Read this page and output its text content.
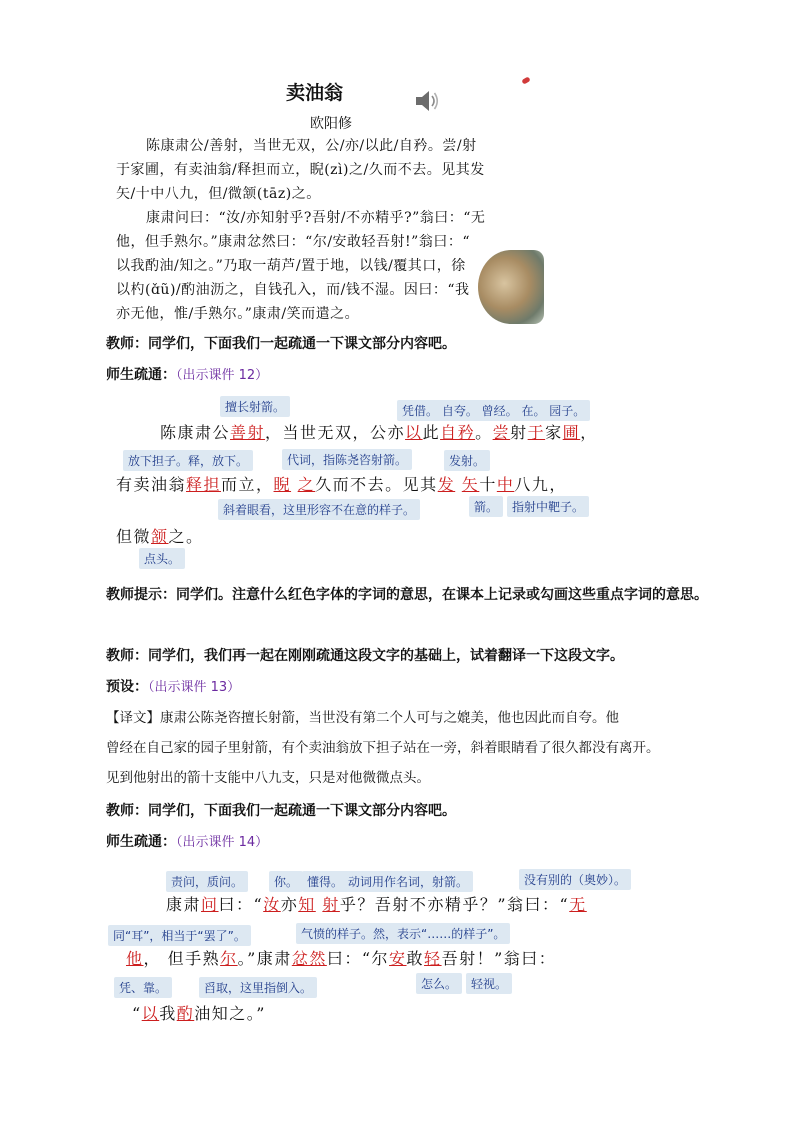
卖油翁
欧阳修
陈康肃公/善射，当世无双，公/亦/以此/自矜。尝/射
于家圃，有卖油翁/释担而立，睨(zì)之/久而不去。见其发
矢/十中八九，但/微颔(tāz)之。
康肃问曰：“汝/亦知射乎?吾射/不亦精乎?”翁曰：“无
他，但手熟尔。”康肃忿然曰：“尔/安敢轻吾射!”翁曰：“
以我酌油/知之。”乃取一葫芦/置于地，以钱/覆其口，徐
以杓(ɑ̌ũ)/酌油沥之，自钱孔入，而/钱不湿。因曰：“我
亦无他，惟/手熟尔。”康肃/笑而遣之。
教师：同学们，下面我们一起疏通一下课文部分内容吧。
师生疏通：（出示课件 12）
擅长射箭。	凭借。 自夸。 曾经。 在。 园子。
陈康肃公善射，当世无双，公亦以此自矜。尝射于家圃，
放下担子。释，放下。	代词，指陈尧咨射箭。	发射。
有卖油翁释担而立，睨 之久而不去。见其发 矢十中八九，
斜着眼看，这里形容不在意的样子。	箭。	指射中靶子。
但微颔之。
点头。
教师提示：同学们。注意什么红色字体的字词的意思，在课本上记录或勾画这些重点字词的意思。
教师：同学们，我们再一起在刚刚疏通这段文字的基础上，试着翻译一下这段文字。
预设：（出示课件 13）
【译文】康肃公陈尧咨擅长射箭，当世没有第二个人可与之媲美，他也因此而自夸。他
曾经在自己家的园子里射箭，有个卖油翁放下担子站在一旁，斜着眼睛看了很久都没有离开。
见到他射出的箭十支能中八九支，只是对他微微点头。
教师：同学们，下面我们一起疏通一下课文部分内容吧。
师生疏通：（出示课件 14）
责问，质问。	你。 懂得。 动词用作名词，射箭。	没有别的（奥妙）。
康肃问曰：“汝亦知 射乎？吾射不亦精乎？”翁曰：“无
同“耳”，相当于“罢了”。	气愤的样子。然，表示“……的样子”。
他， 但手熟尔。”康肃忿然曰：“尔安敢轻吾射！”翁曰：
凭、靠。	舀取，这里指倒入。	怎么。	轻视。
“以我酌油知之。”
